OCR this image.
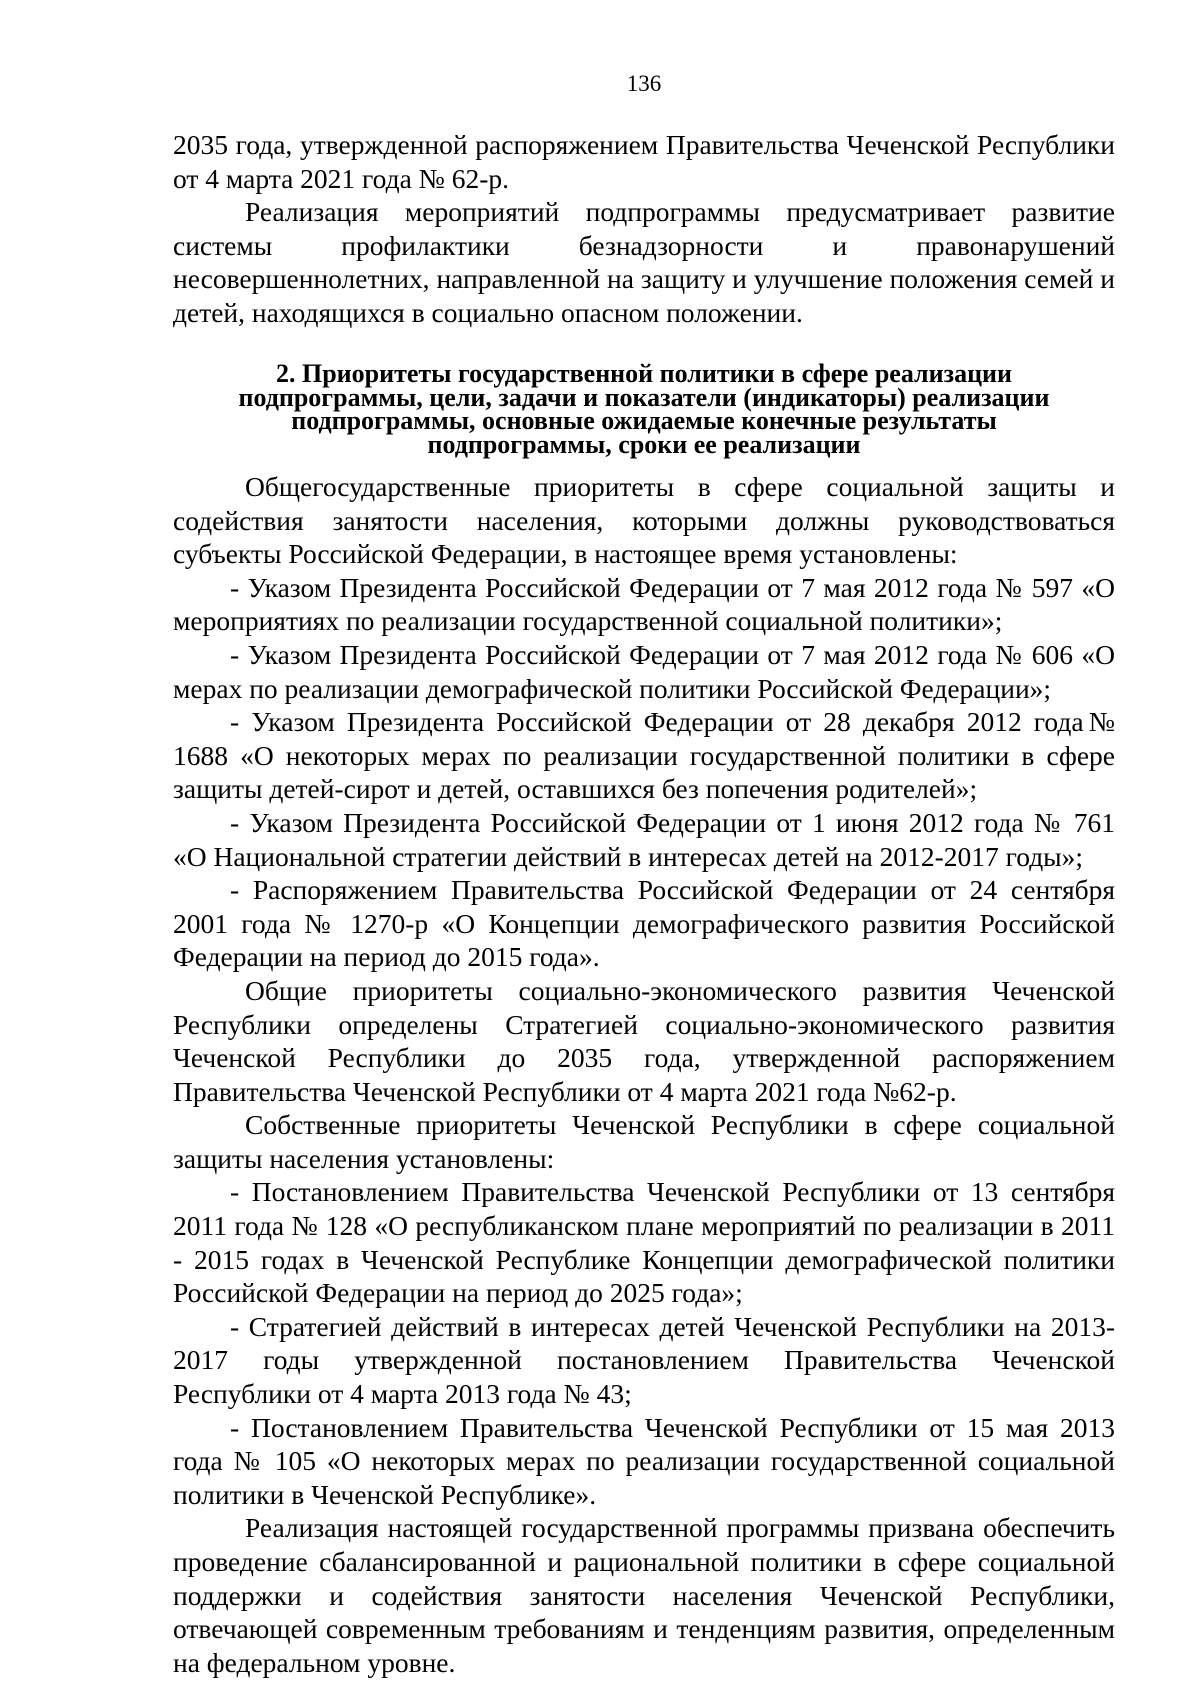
136

2035 года, утвержденной распоряжением Правительства Чеченской Республики от 4 марта 2021 года № 62-р.

Реализация мероприятий подпрограммы предусматривает развитие системы профилактики безнадзорности и правонарушений несовершеннолетних, направленной на защиту и улучшение положения семей и детей, находящихся в социально опасном положении.

2. Приоритеты государственной политики в сфере реализации
подпрограммы, цели, задачи и показатели (индикаторы) реализации
подпрограммы, основные ожидаемые конечные результаты
подпрограммы, сроки ее реализации

Общегосударственные приоритеты в сфере социальной защиты и содействия занятости населения, которыми должны руководствоваться субъекты Российской Федерации, в настоящее время установлены:

- Указом Президента Российской Федерации от 7 мая 2012 года № 597 «О мероприятиях по реализации государственной социальной политики»;

- Указом Президента Российской Федерации от 7 мая 2012 года № 606 «О мерах по реализации демографической политики Российской Федерации»;

- Указом Президента Российской Федерации от 28 декабря 2012 года№ 1688 «О некоторых мерах по реализации государственной политики в сфере защиты детей-сирот и детей, оставшихся без попечения родителей»;

- Указом Президента Российской Федерации от 1 июня 2012 года № 761 «О Национальной стратегии действий в интересах детей на 2012-2017 годы»;

- Распоряжением Правительства Российской Федерации от 24 сентября 2001 года № 1270-р «О Концепции демографического развития Российской Федерации на период до 2015 года».

Общие приоритеты социально-экономического развития Чеченской Республики определены Стратегией социально-экономического развития Чеченской Республики до 2035 года, утвержденной распоряжением Правительства Чеченской Республики от 4 марта 2021 года №62-р.

Собственные приоритеты Чеченской Республики в сфере социальной защиты населения установлены:

- Постановлением Правительства Чеченской Республики от 13 сентября 2011 года № 128 «О республиканском плане мероприятий по реализации в 2011 - 2015 годах в Чеченской Республике Концепции демографической политики Российской Федерации на период до 2025 года»;

- Стратегией действий в интересах детей Чеченской Республики на 2013-2017 годы утвержденной постановлением Правительства Чеченской Республики от 4 марта 2013 года № 43;

- Постановлением Правительства Чеченской Республики от 15 мая 2013 года № 105 «О некоторых мерах по реализации государственной социальной политики в Чеченской Республике».

Реализация настоящей государственной программы призвана обеспечить проведение сбалансированной и рациональной политики в сфере социальной поддержки и содействия занятости населения Чеченской Республики, отвечающей современным требованиям и тенденциям развития, определенным на федеральном уровне.
